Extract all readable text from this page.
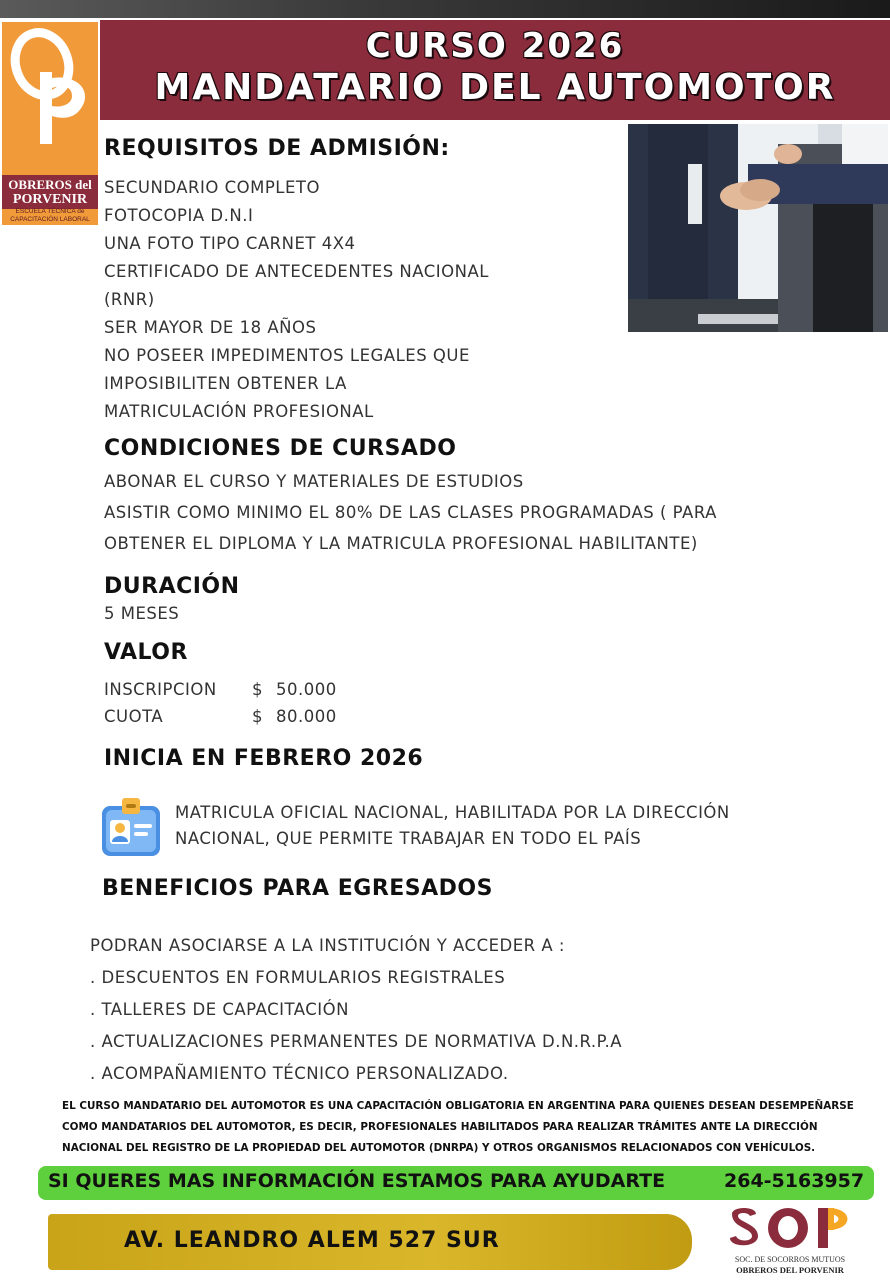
OBREROS del
PORVENIR
ESCUELA TÉCNICA de
CAPACITACIÓN LABORAL
CURSO 2026
MANDATARIO DEL AUTOMOTOR
REQUISITOS DE ADMISIÓN:
SECUNDARIO COMPLETO
FOTOCOPIA D.N.I
UNA FOTO TIPO CARNET 4X4
CERTIFICADO DE ANTECEDENTES NACIONAL
(RNR)
SER MAYOR DE 18 AÑOS
NO POSEER IMPEDIMENTOS LEGALES QUE
IMPOSIBILITEN OBTENER LA
MATRICULACIÓN PROFESIONAL
CONDICIONES DE CURSADO
ABONAR EL CURSO Y MATERIALES DE ESTUDIOS
ASISTIR COMO MINIMO EL 80% DE LAS CLASES PROGRAMADAS ( PARA
OBTENER EL DIPLOMA Y LA MATRICULA PROFESIONAL HABILITANTE)
DURACIÓN
5 MESES
VALOR
INSCRIPCION $ 50.000
CUOTA	$ 80.000
INICIA EN FEBRERO 2026
MATRICULA OFICIAL NACIONAL, HABILITADA POR LA DIRECCIÓN
NACIONAL, QUE PERMITE TRABAJAR EN TODO EL PAÍS
BENEFICIOS PARA EGRESADOS
PODRAN ASOCIARSE A LA INSTITUCIÓN Y ACCEDER A :
. DESCUENTOS EN FORMULARIOS REGISTRALES
. TALLERES DE CAPACITACIÓN
. ACTUALIZACIONES PERMANENTES DE NORMATIVA D.N.R.P.A
. ACOMPAÑAMIENTO TÉCNICO PERSONALIZADO.
EL CURSO MANDATARIO DEL AUTOMOTOR ES UNA CAPACITACIÓN OBLIGATORIA EN ARGENTINA PARA QUIENES DESEAN DESEMPEÑARSE
COMO MANDATARIOS DEL AUTOMOTOR, ES DECIR, PROFESIONALES HABILITADOS PARA REALIZAR TRÁMITES ANTE LA DIRECCIÓN
NACIONAL DEL REGISTRO DE LA PROPIEDAD DEL AUTOMOTOR (DNRPA) Y OTROS ORGANISMOS RELACIONADOS CON VEHÍCULOS.
SI QUERES MAS INFORMACIÓN ESTAMOS PARA AYUDARTE	264-5163957
AV. LEANDRO ALEM 527 SUR
SOC. DE SOCORROS MUTUOS
OBREROS DEL PORVENIR
